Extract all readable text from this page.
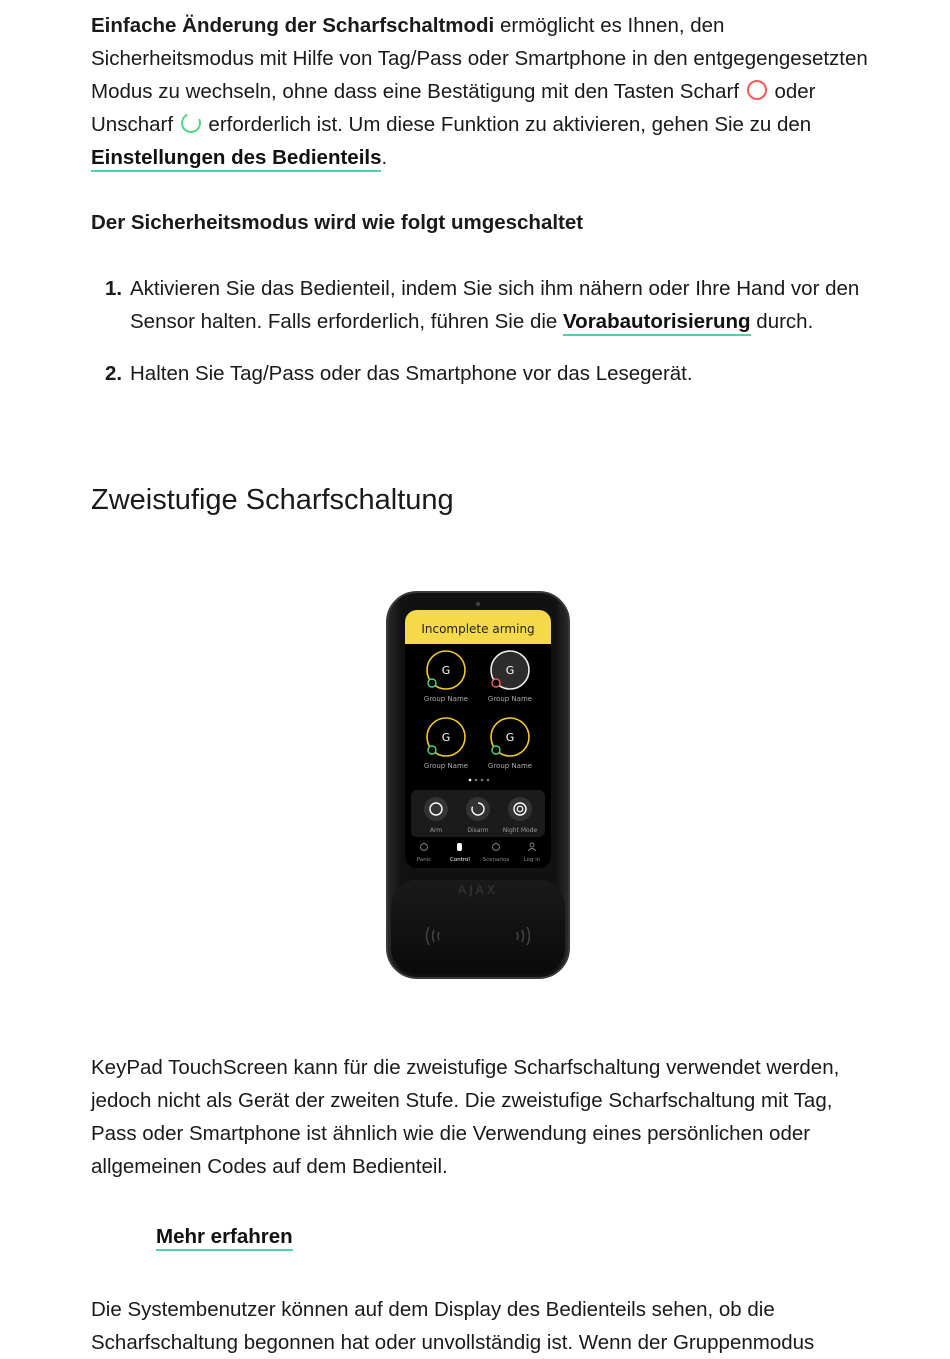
Einfache Änderung der Scharfschaltmodi ermöglicht es Ihnen, den Sicherheitsmodus mit Hilfe von Tag/Pass oder Smartphone in den entgegengesetzten Modus zu wechseln, ohne dass eine Bestätigung mit den Tasten Scharf  oder Unscharf  erforderlich ist. Um diese Funktion zu aktivieren, gehen Sie zu den Einstellungen des Bedienteils.

Der Sicherheitsmodus wird wie folgt umgeschaltet
1. Aktivieren Sie das Bedienteil, indem Sie sich ihm nähern oder Ihre Hand vor den Sensor halten. Falls erforderlich, führen Sie die Vorabautorisierung durch.
2. Halten Sie Tag/Pass oder das Smartphone vor das Lesegerät.
Zweistufige Scharfschaltung
Incomplete arming
G
Group Name
G
Group Name
G
Group Name
G
Group Name
Arm	Disarm Night Mode
Panic	Control Scenarios	Log in
AJAX

KeyPad TouchScreen kann für die zweistufige Scharfschaltung verwendet werden, jedoch nicht als Gerät der zweiten Stufe. Die zweistufige Scharfschaltung mit Tag, Pass oder Smartphone ist ähnlich wie die Verwendung eines persönlichen oder allgemeinen Codes auf dem Bedienteil.

Mehr erfahren

Die Systembenutzer können auf dem Display des Bedienteils sehen, ob die Scharfschaltung begonnen hat oder unvollständig ist. Wenn der Gruppenmodus
